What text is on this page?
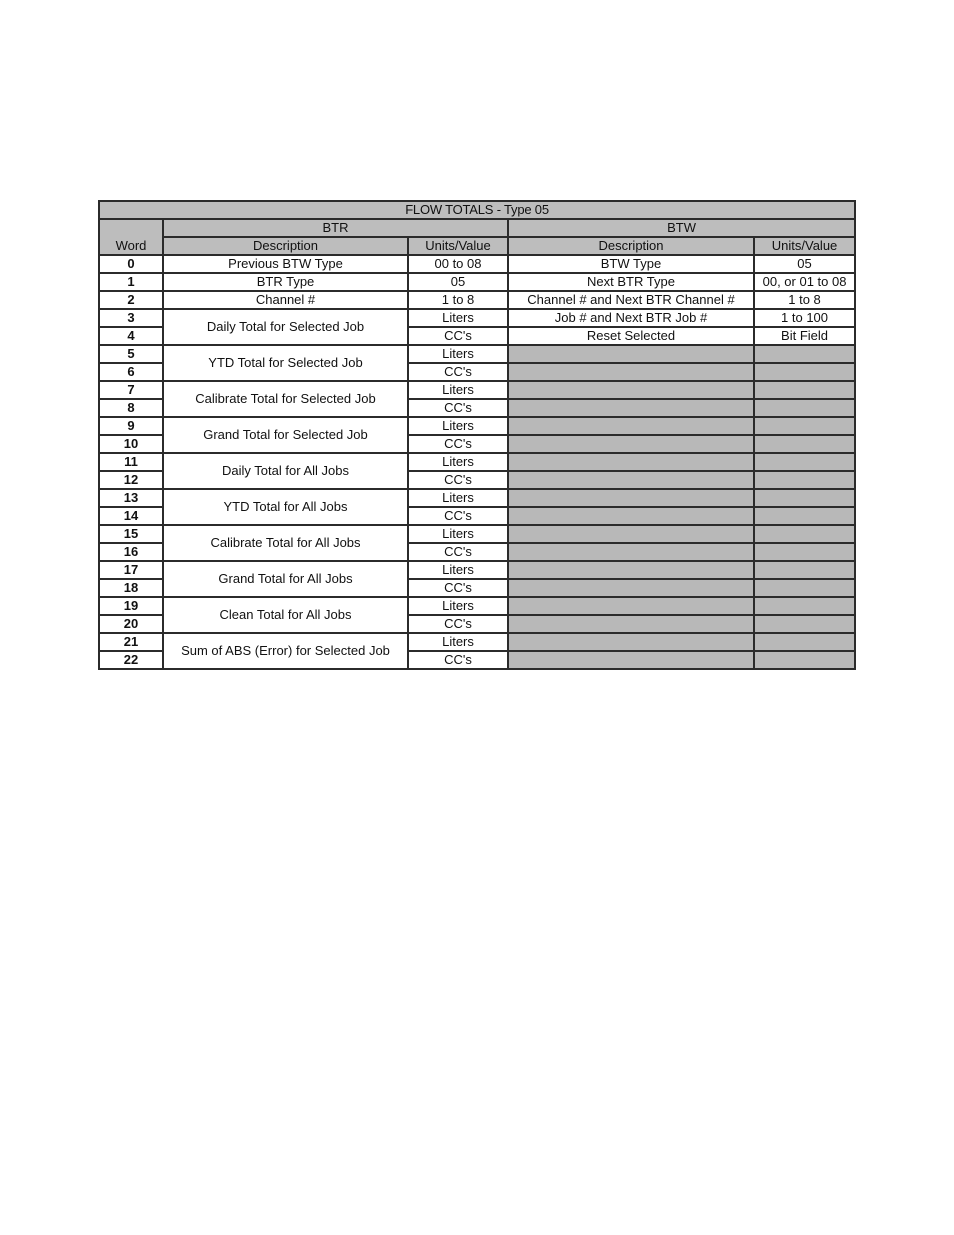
FLOW TOTALS - Type 05				
Word	BTR		BTW	
	Description	Units/Value	Description	Units/Value
0	Previous BTW Type	00 to 08	BTW Type	05
1	BTR Type	05	Next BTR Type	00, or 01 to 08
2	Channel #	1 to 8	Channel # and Next BTR Channel #	1 to 8
3	Daily Total for Selected Job	Liters	Job # and Next BTR Job #	1 to 100
4		CC's	Reset Selected	Bit Field
5	YTD Total for Selected Job	Liters		
6		CC's		
7	Calibrate Total for Selected Job	Liters		
8		CC's		
9	Grand Total for Selected Job	Liters		
10		CC's		
11	Daily Total for All Jobs	Liters		
12		CC's		
13	YTD Total for All Jobs	Liters		
14		CC's		
15	Calibrate Total for All Jobs	Liters		
16		CC's		
17	Grand Total for All Jobs	Liters		
18		CC's		
19	Clean Total for All Jobs	Liters		
20		CC's		
21	Sum of ABS (Error) for Selected Job	Liters		
22		CC's		
